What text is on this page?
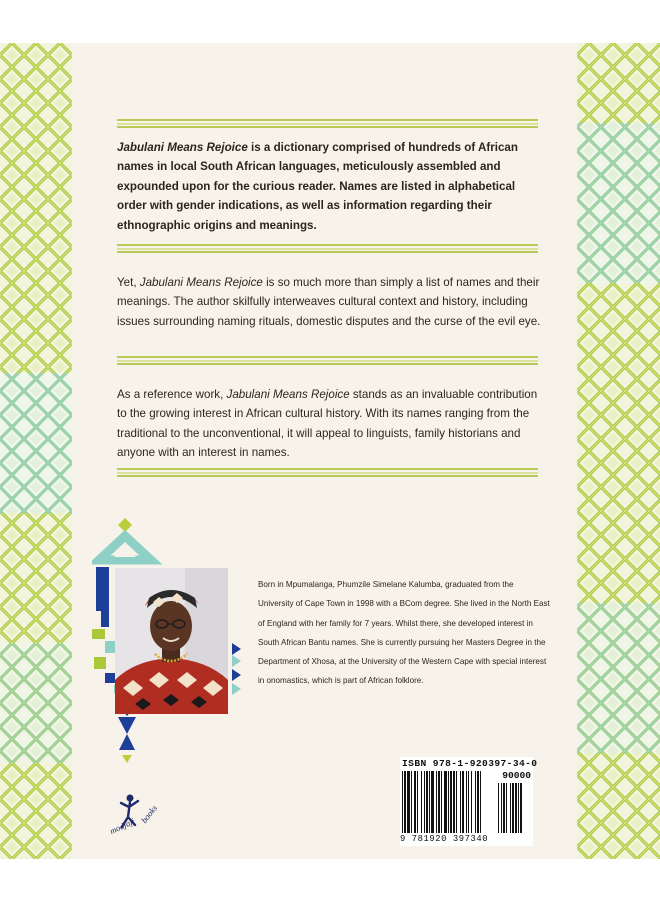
Jabulani Means Rejoice is a dictionary comprised of hundreds of African names in local South African languages, meticulously assembled and expounded upon for the curious reader. Names are listed in alphabetical order with gender indications, as well as information regarding their ethnographic origins and meanings.

Yet, Jabulani Means Rejoice is so much more than simply a list of names and their meanings. The author skilfully interweaves cultural context and history, including issues surrounding naming rituals, domestic disputes and the curse of the evil eye.

As a reference work, Jabulani Means Rejoice stands as an invaluable contribution to the growing interest in African cultural history. With its names ranging from the traditional to the unconventional, it will appeal to linguists, family historians and anyone with an interest in names.

Born in Mpumalanga, Phumzile Simelane Kalumba, graduated from the University of Cape Town in 1998 with a BCom degree. She lived in the North East of England with her family for 7 years. Whilst there, she developed interest in South African Bantu names. She is currently pursuing her Masters Degree in the Department of Xhosa, at the University of the Western Cape with special interest in onomastics, which is part of African folklore.

modjaji
books
ISBN 978-1-920397-34-0
90000
9 781920 397340
